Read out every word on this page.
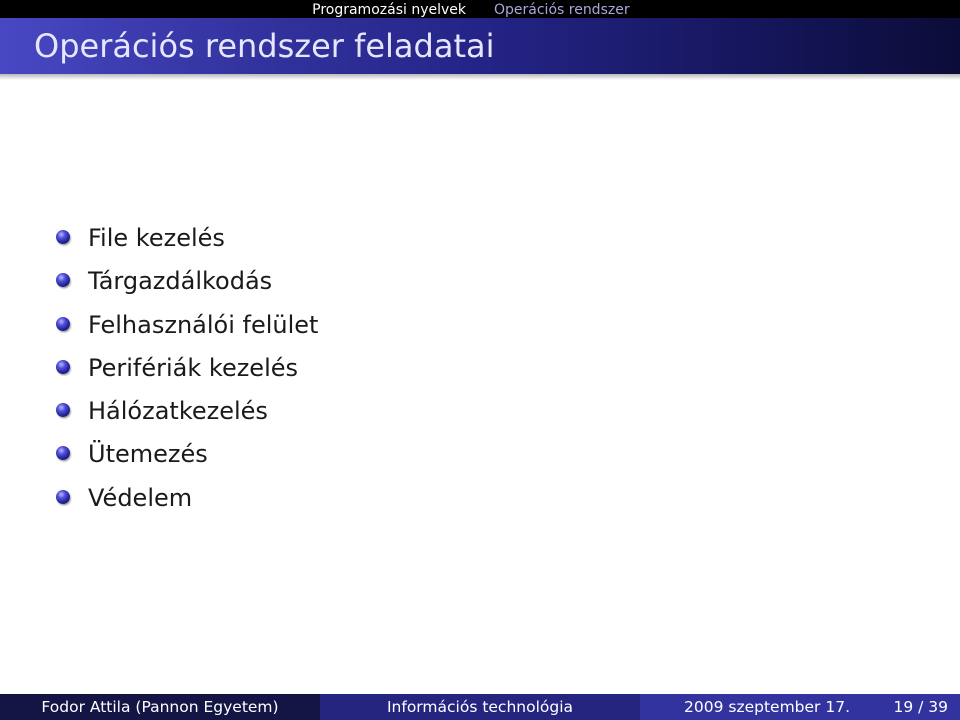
Programozási nyelvek Operációs rendszer
Operációs rendszer feladatai
File kezelés
Tárgazdálkodás
Felhasználói felület
Perifériák kezelés
Hálózatkezelés
Ütemezés
Védelem
Fodor Attila (Pannon Egyetem)	Információs technológia	2009 szeptember 17.	19 / 39
